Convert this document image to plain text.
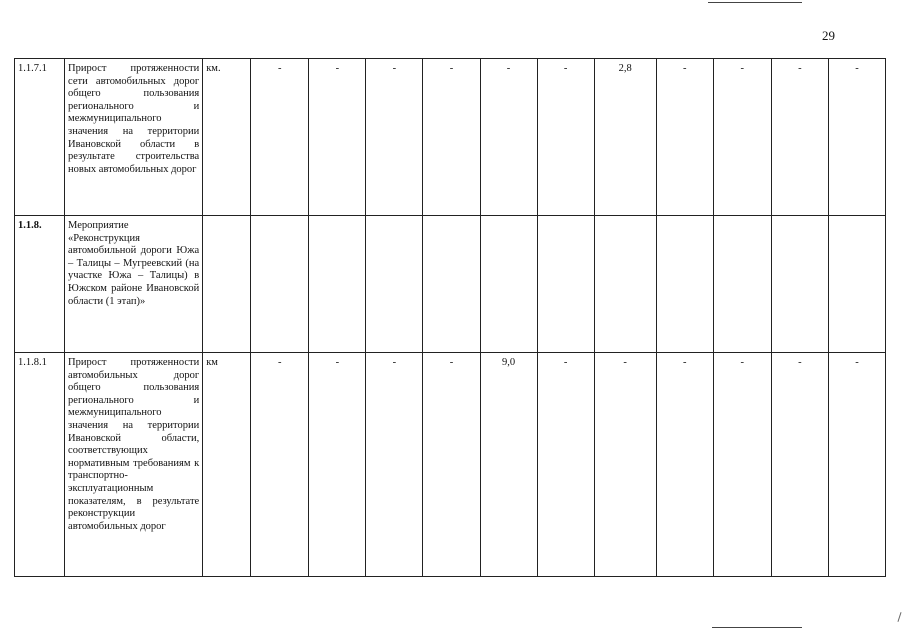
29
1.1.7.1	Прирост протяженности сети автомобильных дорог общего пользования регионального и межмуниципального значения на территории Ивановской области в результате строительства новых автомобильных дорог	км.	-	-	-	-	-	-	2,8	-	-	-	-
1.1.8.	Мероприятие «Реконструкция автомобильной дороги Южа – Талицы – Мугреевский (на участке Южа – Талицы) в Южском районе Ивановской области (1 этап)»												
1.1.8.1	Прирост протяженности автомобильных дорог общего пользования регионального и межмуниципального значения на территории Ивановской области, соответствующих нормативным требованиям к транспортно-эксплуатационным показателям, в результате реконструкции автомобильных дорог	км	-	-	-	-	9,0	-	-	-	-	-	-
